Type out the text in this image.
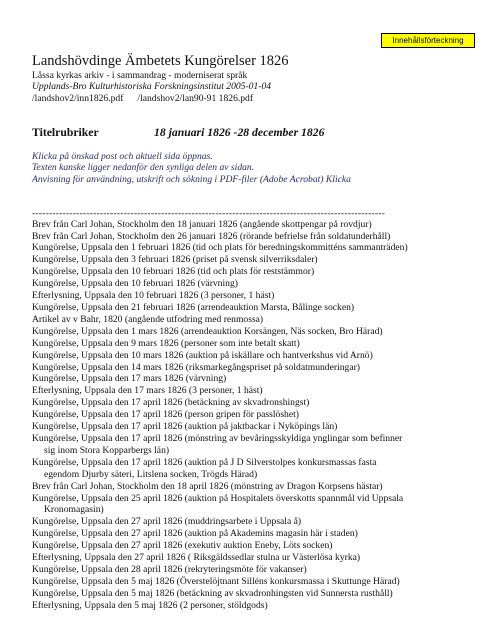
Innehållsförteckning
Landshövdinge Ämbetets Kungörelser 1826
Låssa kyrkas arkiv - i sammandrag - moderniserat språk
Upplands-Bro Kulturhistoriska Forskningsinstitut 2005-01-04
/landshov2/inn1826.pdf /landshov2/lan90-91 1826.pdf
Titelrubriker	18 januari 1826 -28 december 1826
Klicka på önskad post och aktuell sida öppnas.
Texten kanske ligger nedanför den synliga delen av sidan.
Anvisning för användning, utskrift och sökning i PDF-filer (Adobe Acrobat) Klicka
--------------------------------------------------------------------------------------------------------
Brev från Carl Johan, Stockholm den 18 januari 1826 (angående skottpengar på rovdjur)
Brev från Carl Johan, Stockholm den 26 januari 1826 (rörande befrielse från soldatunderhåll)
Kungörelse, Uppsala den 1 februari 1826 (tid och plats för beredningskommitténs sammanträden)
Kungörelse, Uppsala den 3 februari 1826 (priset på svensk silverriksdaler)
Kungörelse, Uppsala den 10 februari 1826 (tid och plats för reststämmor)
Kungörelse, Uppsala den 10 februari 1826 (värvning)
Efterlysning, Uppsala den 10 februari 1826 (3 personer, 1 häst)
Kungörelse, Uppsala den 21 februari 1826 (arrendeauktion Marsta, Bålinge socken)
Artikel av v Bahr, 1820 (angående utfodring med renmossa)
Kungörelse, Uppsala den 1 mars 1826 (arrendeauktion Korsängen, Näs socken, Bro Härad)
Kungörelse, Uppsala den 9 mars 1826 (personer som inte betalt skatt)
Kungörelse, Uppsala den 10 mars 1826 (auktion på iskällare och hantverkshus vid Arnö)
Kungörelse, Uppsala den 14 mars 1826 (riksmarkegångspriset på soldatmunderingar)
Kungörelse, Uppsala den 17 mars 1826 (värvning)
Efterlysning, Uppsala den 17 mars 1826 (3 personer, 1 häst)
Kungörelse, Uppsala den 17 april 1826 (betäckning av skvadronshingst)
Kungörelse, Uppsala den 17 april 1826 (person gripen för passlöshet)
Kungörelse, Uppsala den 17 april 1826 (auktion på jaktbackar i Nyköpings län)
Kungörelse, Uppsala den 17 april 1826 (mönstring av bevåringsskyldiga ynglingar som befinner
sig inom Stora Kopparbergs län)
Kungörelse, Uppsala den 17 april 1826 (auktion på J D Silverstolpes konkursmassas fasta
egendom Djurby säteri, Litslena socken, Trögds Härad)
Brev från Carl Johan, Stockholm den 18 april 1826 (mönstring av Dragon Korpsens hästar)
Kungörelse, Uppsala den 25 april 1826 (auktion på Hospitalets överskotts spannmål vid Uppsala
Kronomagasin)
Kungörelse, Uppsala den 27 april 1826 (muddringsarbete i Uppsala å)
Kungörelse, Uppsala den 27 april 1826 (auktion på Akademins magasin här i staden)
Kungörelse, Uppsala den 27 april 1826 (exekutiv auktion Eneby, Löts socken)
Efterlysning, Uppsala den 27 april 1826 ( Riksgäldssedlar stulna ur Västerlösa kyrka)
Kungörelse, Uppsala den 28 april 1826 (rekryteringsmöte för vakanser)
Kungörelse, Uppsala den 5 maj 1826 (Överstelöjtnant Silléns konkursmassa i Skuttunge Härad)
Kungörelse, Uppsala den 5 maj 1826 (betäckning av skvadronhingsten vid Sunnersta rusthåll)
Efterlysning, Uppsala den 5 maj 1826 (2 personer, stöldgods)
